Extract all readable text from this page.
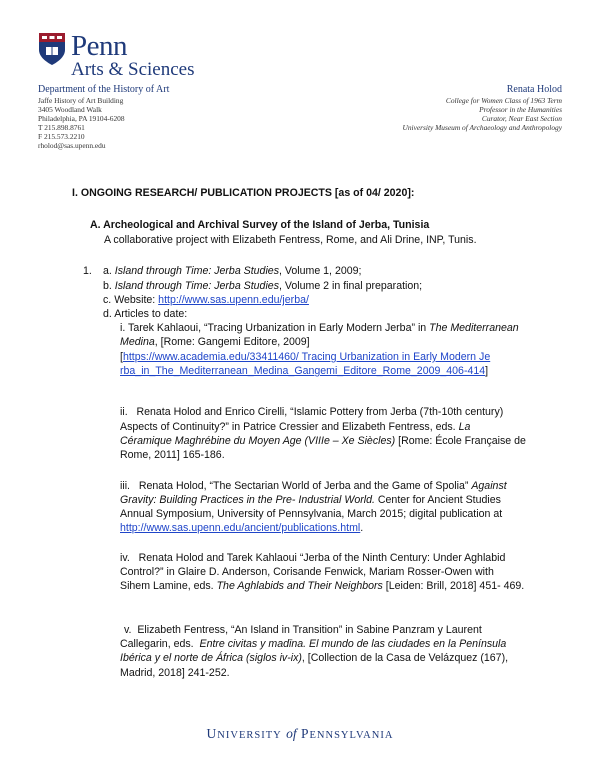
Penn
Arts & Sciences
Department of the History of Art
Jaffe History of Art Building
3405 Woodland Walk
Philadelphia, PA 19104-6208
T 215.898.8761
F 215.573.2210
rholod@sas.upenn.edu
Renata Holod
College for Women Class of 1963 Term
Professor in the Humanities
Curator, Near East Section
University Museum of Archaeology and Anthropology
I. ONGOING RESEARCH/ PUBLICATION PROJECTS [as of 04/ 2020]:
A. Archeological and Archival Survey of the Island of Jerba, Tunisia
A collaborative project with Elizabeth Fentress, Rome, and Ali Drine, INP, Tunis.
1. a. Island through Time: Jerba Studies, Volume 1, 2009;
b. Island through Time: Jerba Studies, Volume 2 in final preparation;
c. Website: http://www.sas.upenn.edu/jerba/
d. Articles to date:
i. Tarek Kahlaoui, “Tracing Urbanization in Early Modern Jerba” in The Mediterranean
Medina, [Rome: Gangemi Editore, 2009]
[https://www.academia.edu/33411460/ Tracing Urbanization in Early Modern Je
rba_in_The_Mediterranean_Medina_Gangemi_Editore_Rome_2009_406-414]
ii.   Renata Holod and Enrico Cirelli, “Islamic Pottery from Jerba (7th-10th century)
Aspects of Continuity?” in Patrice Cressier and Elizabeth Fentress, eds. La
Céramique Maghrébine du Moyen Age (VIIIe – Xe Siècles) [Rome: École Française de
Rome, 2011] 165-186.
iii.   Renata Holod, “The Sectarian World of Jerba and the Game of Spolia” Against
Gravity: Building Practices in the Pre- Industrial World. Center for Ancient Studies
Annual Symposium, University of Pennsylvania, March 2015; digital publication at
http://www.sas.upenn.edu/ancient/publications.html.
iv.   Renata Holod and Tarek Kahlaoui “Jerba of the Ninth Century: Under Aghlabid
Control?” in Glaire D. Anderson, Corisande Fenwick, Mariam Rosser-Owen with
Sihem Lamine, eds. The Aghlabids and Their Neighbors [Leiden: Brill, 2018] 451- 469.
v.  Elizabeth Fentress, “An Island in Transition” in Sabine Panzram y Laurent
Callegarin, eds.  Entre civitas y madīna. El mundo de las ciudades en la Península
Ibérica y el norte de África (siglos iv-ix), [Collection de la Casa de Velázquez (167),
Madrid, 2018] 241-252.
UNIVERSITY of PENNSYLVANIA
